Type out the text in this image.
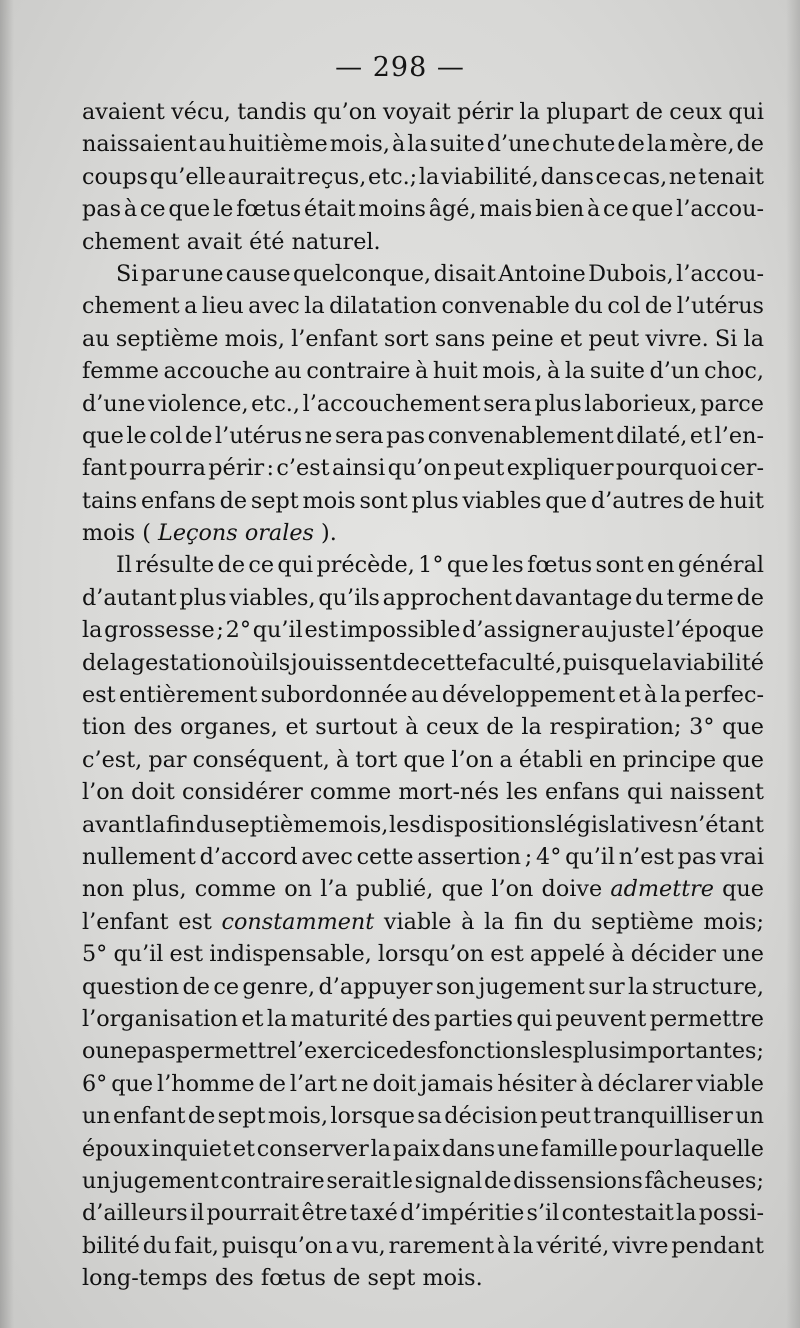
— 298 —
avaient vécu, tandis qu’on voyait périr la plupart de ceux qui
naissaient au huitième mois, à la suite d’une chute de la mère, de
coups qu’elle aurait reçus, etc.; la viabilité, dans ce cas, ne tenait
pas à ce que le fœtus était moins âgé, mais bien à ce que l’accou-
chement avait été naturel.
Si par une cause quelconque, disait Antoine Dubois, l’accou-
chement a lieu avec la dilatation convenable du col de l’utérus
au septième mois, l’enfant sort sans peine et peut vivre. Si la
femme accouche au contraire à huit mois, à la suite d’un choc,
d’une violence, etc., l’accouchement sera plus laborieux, parce
que le col de l’utérus ne sera pas convenablement dilaté, et l’en-
fant pourra périr : c’est ainsi qu’on peut expliquer pourquoi cer-
tains enfans de sept mois sont plus viables que d’autres de huit
mois ( Leçons orales ).
Il résulte de ce qui précède, 1° que les fœtus sont en général
d’autant plus viables, qu’ils approchent davantage du terme de
la grossesse ; 2° qu’il est impossible d’assigner au juste l’époque
de la gestation où ils jouissent de cette faculté, puisque la viabilité
est entièrement subordonnée au développement et à la perfec-
tion des organes, et surtout à ceux de la respiration; 3° que
c’est, par conséquent, à tort que l’on a établi en principe que
l’on doit considérer comme mort-nés les enfans qui naissent
avant la fin du septième mois, les dispositions législatives n’étant
nullement d’accord avec cette assertion ; 4° qu’il n’est pas vrai
non plus, comme on l’a publié, que l’on doive admettre que
l’enfant est constamment viable à la fin du septième mois;
5° qu’il est indispensable, lorsqu’on est appelé à décider une
question de ce genre, d’appuyer son jugement sur la structure,
l’organisation et la maturité des parties qui peuvent permettre
ou ne pas permettre l’exercice des fonctions les plus importantes;
6° que l’homme de l’art ne doit jamais hésiter à déclarer viable
un enfant de sept mois, lorsque sa décision peut tranquilliser un
époux inquiet et conserver la paix dans une famille pour laquelle
un jugement contraire serait le signal de dissensions fâcheuses;
d’ailleurs il pourrait être taxé d’impéritie s’il contestait la possi-
bilité du fait, puisqu’on a vu, rarement à la vérité, vivre pendant
long-temps des fœtus de sept mois.
